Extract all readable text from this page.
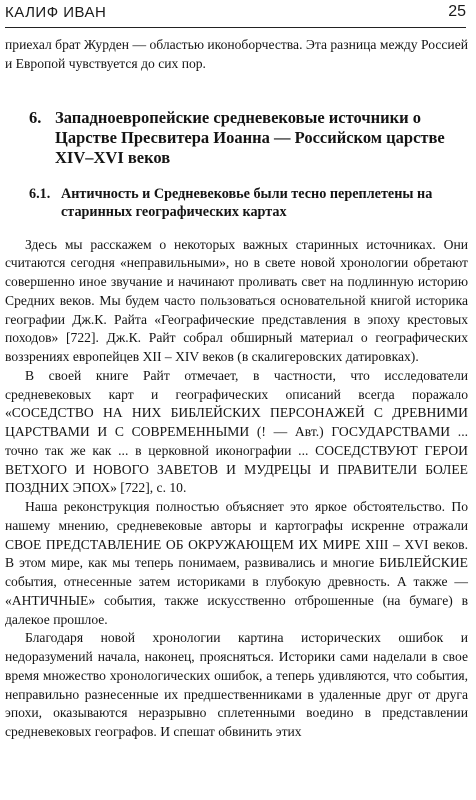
КАЛИФ ИВАН	25

приехал брат Журден — областью иконоборчества. Эта разница между Россией и Европой чувствуется до сих пор.

6. Западноевропейские средневековые источники о Царстве Пресвитера Иоанна — Российском царстве XIV–XVI веков
6.1. Античность и Средневековье были тесно переплетены на старинных географических картах

Здесь мы расскажем о некоторых важных старинных источниках. Они считаются сегодня «неправильными», но в свете новой хронологии обретают совершенно иное звучание и начинают проливать свет на подлинную историю Средних веков. Мы будем часто пользоваться основательной книгой историка географии Дж.К. Райта «Географические представления в эпоху крестовых походов» [722]. Дж.К. Райт собрал обширный материал о географических воззрениях европейцев XII – XIV веков (в скалигеровских датировках).

В своей книге Райт отмечает, в частности, что исследователи средневековых карт и географических описаний всегда поражало «СОСЕДСТВО НА НИХ БИБЛЕЙСКИХ ПЕРСОНАЖЕЙ С ДРЕВНИМИ ЦАРСТВАМИ И С СОВРЕМЕННЫМИ (! — Авт.) ГОСУДАРСТВАМИ ... точно так же как ... в церковной иконографии ... СОСЕДСТВУЮТ ГЕРОИ ВЕТХОГО И НОВОГО ЗАВЕТОВ И МУДРЕЦЫ И ПРАВИТЕЛИ БОЛЕЕ ПОЗДНИХ ЭПОХ» [722], с. 10.

Наша реконструкция полностью объясняет это яркое обстоятельство. По нашему мнению, средневековые авторы и картографы искренне отражали СВОЕ ПРЕДСТАВЛЕНИЕ ОБ ОКРУЖАЮЩЕМ ИХ МИРЕ XIII – XVI веков. В этом мире, как мы теперь понимаем, развивались и многие БИБЛЕЙСКИЕ события, отнесенные затем историками в глубокую древность. А также — «АНТИЧНЫЕ» события, также искусственно отброшенные (на бумаге) в далекое прошлое.

Благодаря новой хронологии картина исторических ошибок и недоразумений начала, наконец, проясняться. Историки сами наделали в свое время множество хронологических ошибок, а теперь удивляются, что события, неправильно разнесенные их предшественниками в удаленные друг от друга эпохи, оказываются неразрывно сплетенными воедино в представлении средневековых географов. И спешат обвинить этих
